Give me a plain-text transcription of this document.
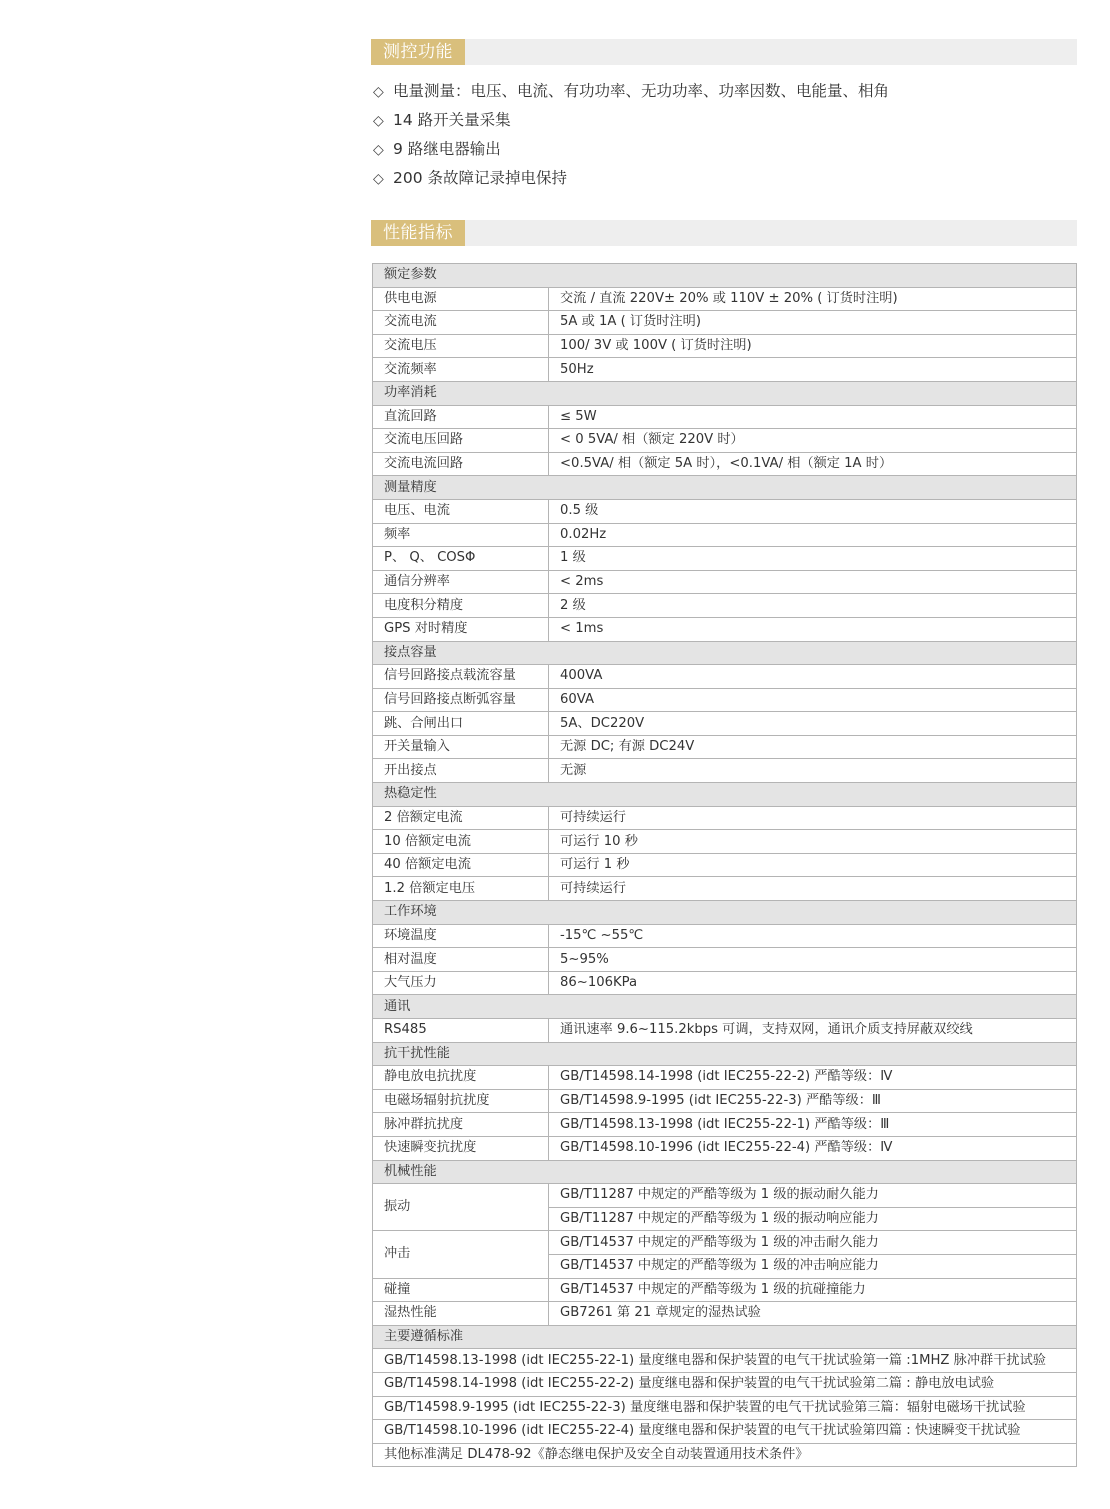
测控功能
◇ 电量测量：电压、电流、有功功率、无功功率、功率因数、电能量、相角
◇ 14 路开关量采集
◇ 9 路继电器输出
◇ 200 条故障记录掉电保持
性能指标
额定参数	
供电电源	交流 / 直流 220V± 20% 或 110V ± 20% ( 订货时注明)
交流电流	5A 或 1A ( 订货时注明)
交流电压	100/ 3V 或 100V ( 订货时注明)
交流频率	50Hz
功率消耗	
直流回路	≤ 5W
交流电压回路	< 0 5VA/ 相（额定 220V 时）
交流电流回路	<0.5VA/ 相（额定 5A 时），<0.1VA/ 相（额定 1A 时）
测量精度	
电压、电流	0.5 级
频率	0.02Hz
P、 Q、 COSΦ	1 级
通信分辨率	< 2ms
电度积分精度	2 级
GPS 对时精度	< 1ms
接点容量	
信号回路接点载流容量	400VA
信号回路接点断弧容量	60VA
跳、合闸出口	5A、DC220V
开关量输入	无源 DC; 有源 DC24V
开出接点	无源
热稳定性	
2 倍额定电流	可持续运行
10 倍额定电流	可运行 10 秒
40 倍额定电流	可运行 1 秒
1.2 倍额定电压	可持续运行
工作环境	
环境温度	-15℃ ~55℃
相对温度	5~95%
大气压力	86~106KPa
通讯	
RS485	通讯速率 9.6~115.2kbps 可调，支持双网，通讯介质支持屏蔽双绞线
抗干扰性能	
静电放电抗扰度	GB/T14598.14-1998 (idt IEC255-22-2) 严酷等级：Ⅳ
电磁场辐射抗扰度	GB/T14598.9-1995 (idt IEC255-22-3) 严酷等级：Ⅲ
脉冲群抗扰度	GB/T14598.13-1998 (idt IEC255-22-1) 严酷等级：Ⅲ
快速瞬变抗扰度	GB/T14598.10-1996 (idt IEC255-22-4) 严酷等级：Ⅳ
机械性能	
振动	GB/T11287 中规定的严酷等级为 1 级的振动耐久能力
	GB/T11287 中规定的严酷等级为 1 级的振动响应能力
冲击	GB/T14537 中规定的严酷等级为 1 级的冲击耐久能力
	GB/T14537 中规定的严酷等级为 1 级的冲击响应能力
碰撞	GB/T14537 中规定的严酷等级为 1 级的抗碰撞能力
湿热性能	GB7261 第 21 章规定的湿热试验
主要遵循标准	
GB/T14598.13-1998 (idt IEC255-22-1) 量度继电器和保护装置的电气干扰试验第一篇 :1MHZ 脉冲群干扰试验	
GB/T14598.14-1998 (idt IEC255-22-2) 量度继电器和保护装置的电气干扰试验第二篇 : 静电放电试验	
GB/T14598.9-1995 (idt IEC255-22-3) 量度继电器和保护装置的电气干扰试验第三篇：辐射电磁场干扰试验	
GB/T14598.10-1996 (idt IEC255-22-4) 量度继电器和保护装置的电气干扰试验第四篇 : 快速瞬变干扰试验	
其他标准满足 DL478-92《静态继电保护及安全自动装置通用技术条件》	
